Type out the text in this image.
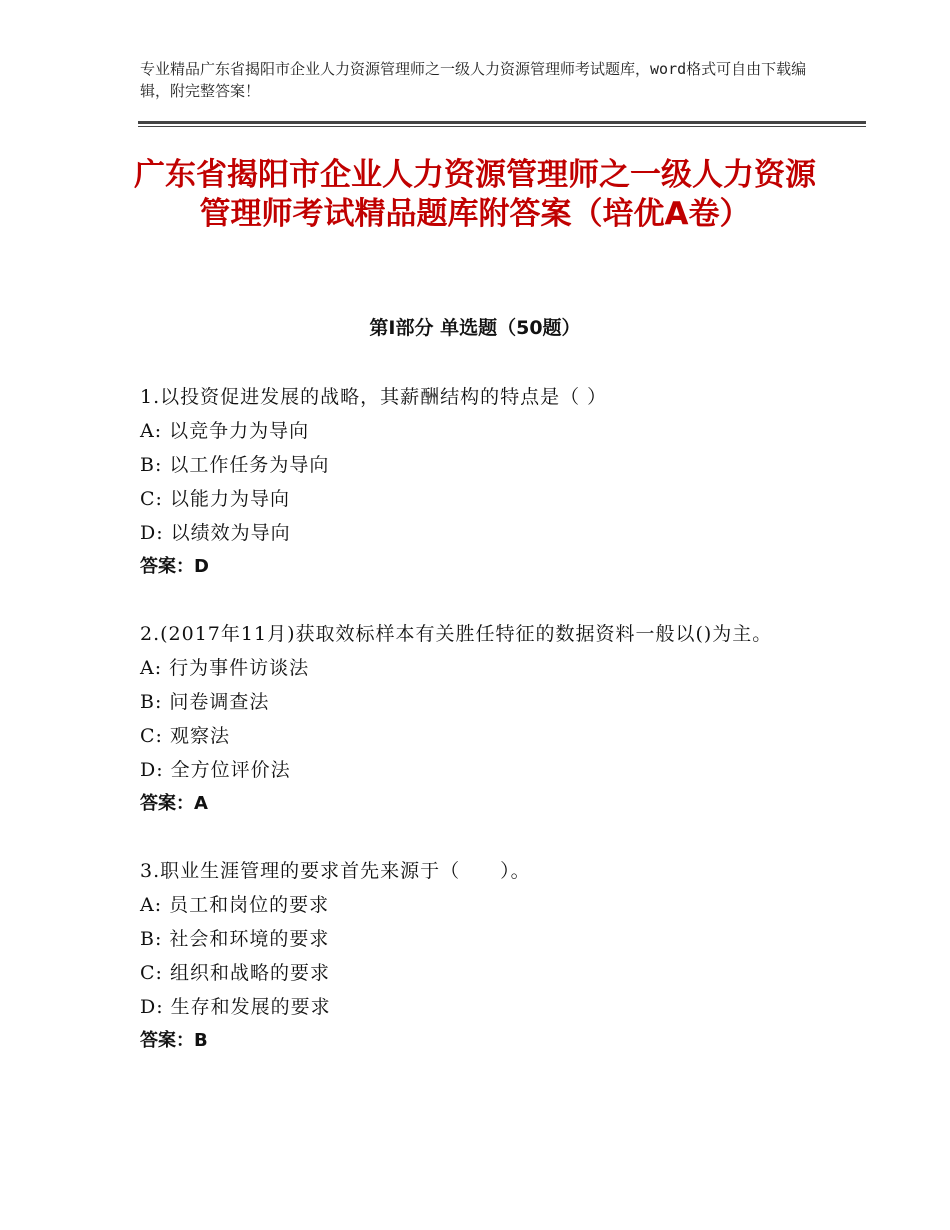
专业精品广东省揭阳市企业人力资源管理师之一级人力资源管理师考试题库，word格式可自由下载编辑，附完整答案！
广东省揭阳市企业人力资源管理师之一级人力资源管理师考试精品题库附答案（培优A卷）
第Ⅰ部分 单选题（50题）
1.以投资促进发展的战略，其薪酬结构的特点是（ ）
A: 以竞争力为导向
B: 以工作任务为导向
C: 以能力为导向
D: 以绩效为导向
答案：D
2.(2017年11月)获取效标样本有关胜任特征的数据资料一般以()为主。
A: 行为事件访谈法
B: 问卷调查法
C: 观察法
D: 全方位评价法
答案：A
3.职业生涯管理的要求首先来源于（　　）。
A: 员工和岗位的要求
B: 社会和环境的要求
C: 组织和战略的要求
D: 生存和发展的要求
答案：B
